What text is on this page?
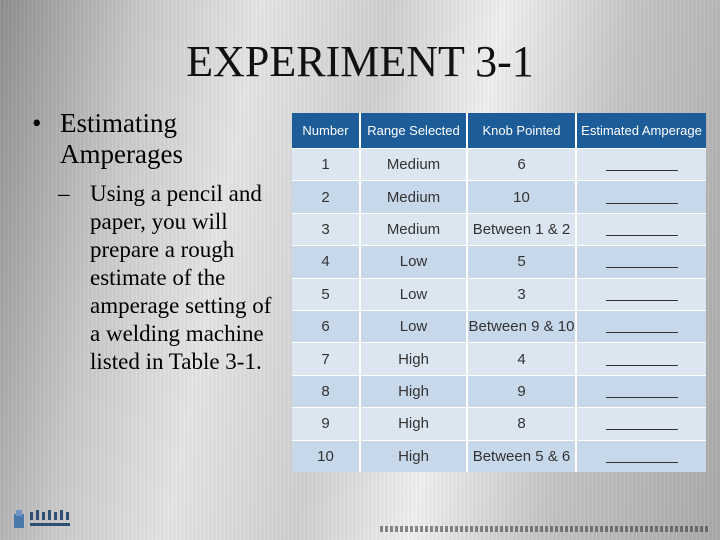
EXPERIMENT 3-1
• Estimating Amperages
– Using a pencil and paper, you will prepare a rough estimate of the amperage setting of a welding machine listed in Table 3-1.
Number	Range Selected	Knob Pointed	Estimated Amperage
1	Medium	6	
2	Medium	10	
3	Medium	Between 1 & 2	
4	Low	5	
5	Low	3	
6	Low	Between 9 & 10	
7	High	4	
8	High	9	
9	High	8	
10	High	Between 5 & 6	
